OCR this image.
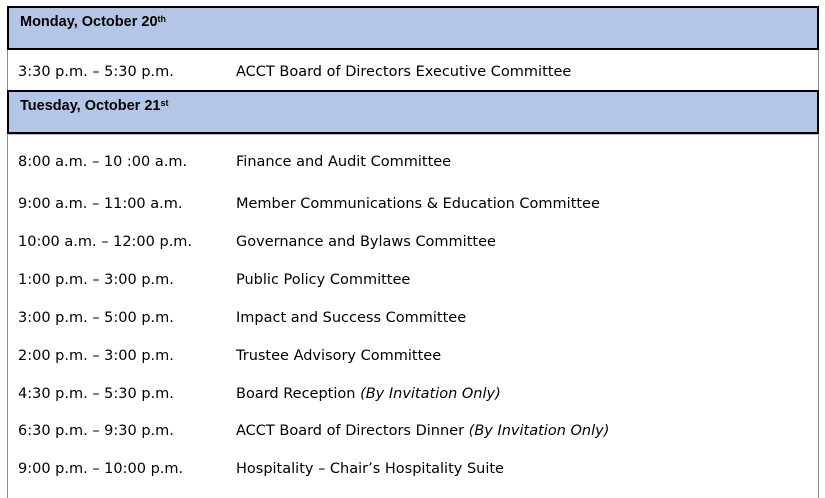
Monday, October 20th
3:30 p.m. – 5:30 p.m.	ACCT Board of Directors Executive Committee
Tuesday, October 21st
8:00 a.m. – 10 :00 a.m.	Finance and Audit Committee
9:00 a.m. – 11:00 a.m.	Member Communications & Education Committee
10:00 a.m. – 12:00 p.m.	Governance and Bylaws Committee
1:00 p.m. – 3:00 p.m.	Public Policy Committee
3:00 p.m. – 5:00 p.m.	Impact and Success Committee
2:00 p.m. – 3:00 p.m.	Trustee Advisory Committee
4:30 p.m. – 5:30 p.m.	Board Reception (By Invitation Only)
6:30 p.m. – 9:30 p.m.	ACCT Board of Directors Dinner (By Invitation Only)
9:00 p.m. – 10:00 p.m.	Hospitality – Chair’s Hospitality Suite
